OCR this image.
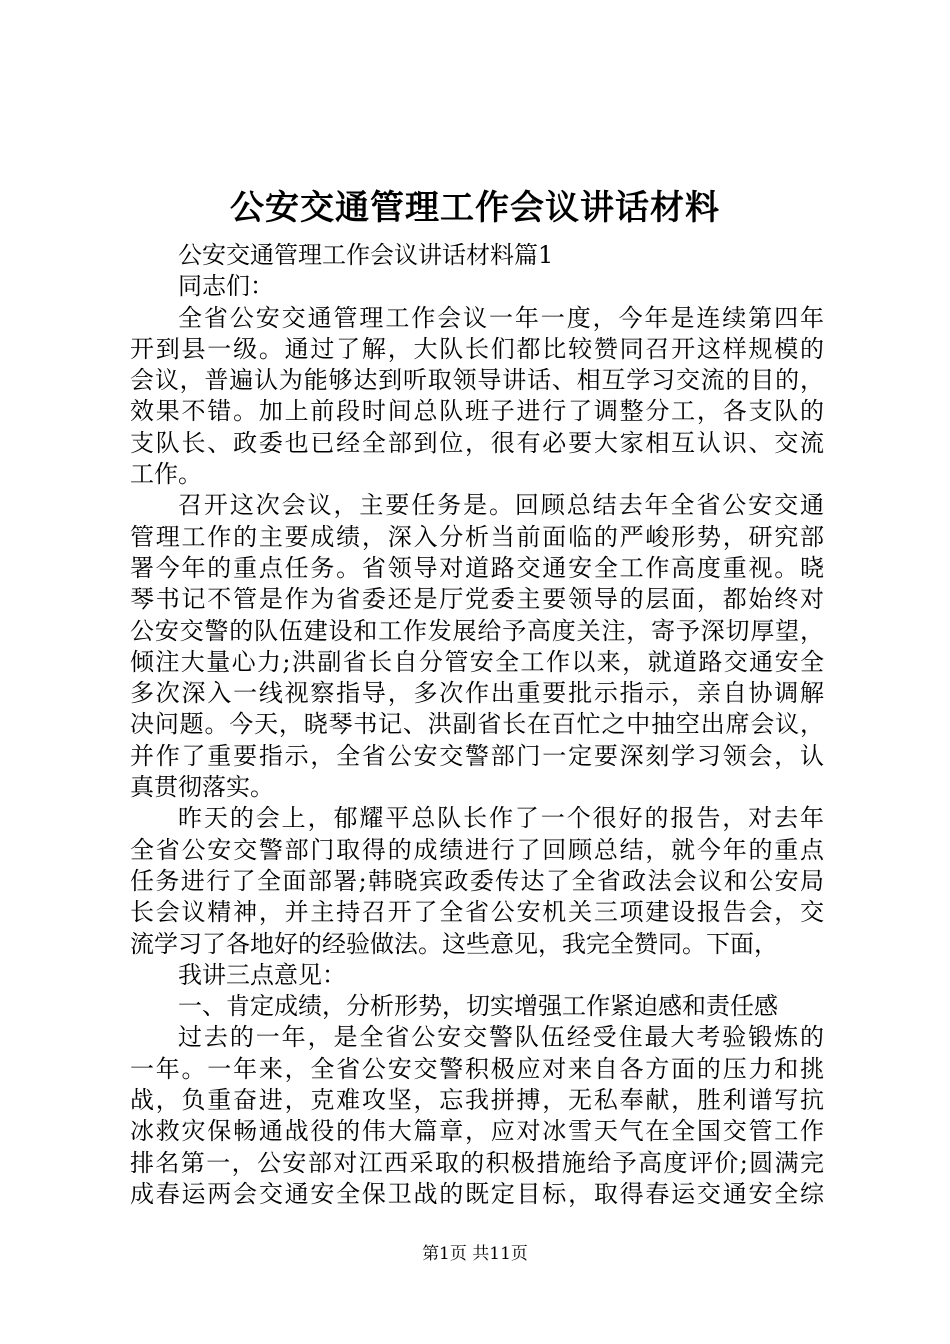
公安交通管理工作会议讲话材料
公安交通管理工作会议讲话材料篇1
同志们：
全省公安交通管理工作会议一年一度，今年是连续第四年
开到县一级。通过了解，大队长们都比较赞同召开这样规模的
会议，普遍认为能够达到听取领导讲话、相互学习交流的目的，
效果不错。加上前段时间总队班子进行了调整分工，各支队的
支队长、政委也已经全部到位，很有必要大家相互认识、交流
工作。
召开这次会议，主要任务是。回顾总结去年全省公安交通
管理工作的主要成绩，深入分析当前面临的严峻形势，研究部
署今年的重点任务。省领导对道路交通安全工作高度重视。晓
琴书记不管是作为省委还是厅党委主要领导的层面，都始终对
公安交警的队伍建设和工作发展给予高度关注，寄予深切厚望，
倾注大量心力;洪副省长自分管安全工作以来，就道路交通安全
多次深入一线视察指导，多次作出重要批示指示，亲自协调解
决问题。今天，晓琴书记、洪副省长在百忙之中抽空出席会议，
并作了重要指示，全省公安交警部门一定要深刻学习领会，认
真贯彻落实。
昨天的会上，郁耀平总队长作了一个很好的报告，对去年
全省公安交警部门取得的成绩进行了回顾总结，就今年的重点
任务进行了全面部署;韩晓宾政委传达了全省政法会议和公安局
长会议精神，并主持召开了全省公安机关三项建设报告会，交
流学习了各地好的经验做法。这些意见，我完全赞同。下面，
我讲三点意见：
一、肯定成绩，分析形势，切实增强工作紧迫感和责任感
过去的一年，是全省公安交警队伍经受住最大考验锻炼的
一年。一年来，全省公安交警积极应对来自各方面的压力和挑
战，负重奋进，克难攻坚，忘我拼搏，无私奉献，胜利谱写抗
冰救灾保畅通战役的伟大篇章，应对冰雪天气在全国交管工作
排名第一，公安部对江西采取的积极措施给予高度评价;圆满完
成春运两会交通安全保卫战的既定目标，取得春运交通安全综
第1页 共11页
